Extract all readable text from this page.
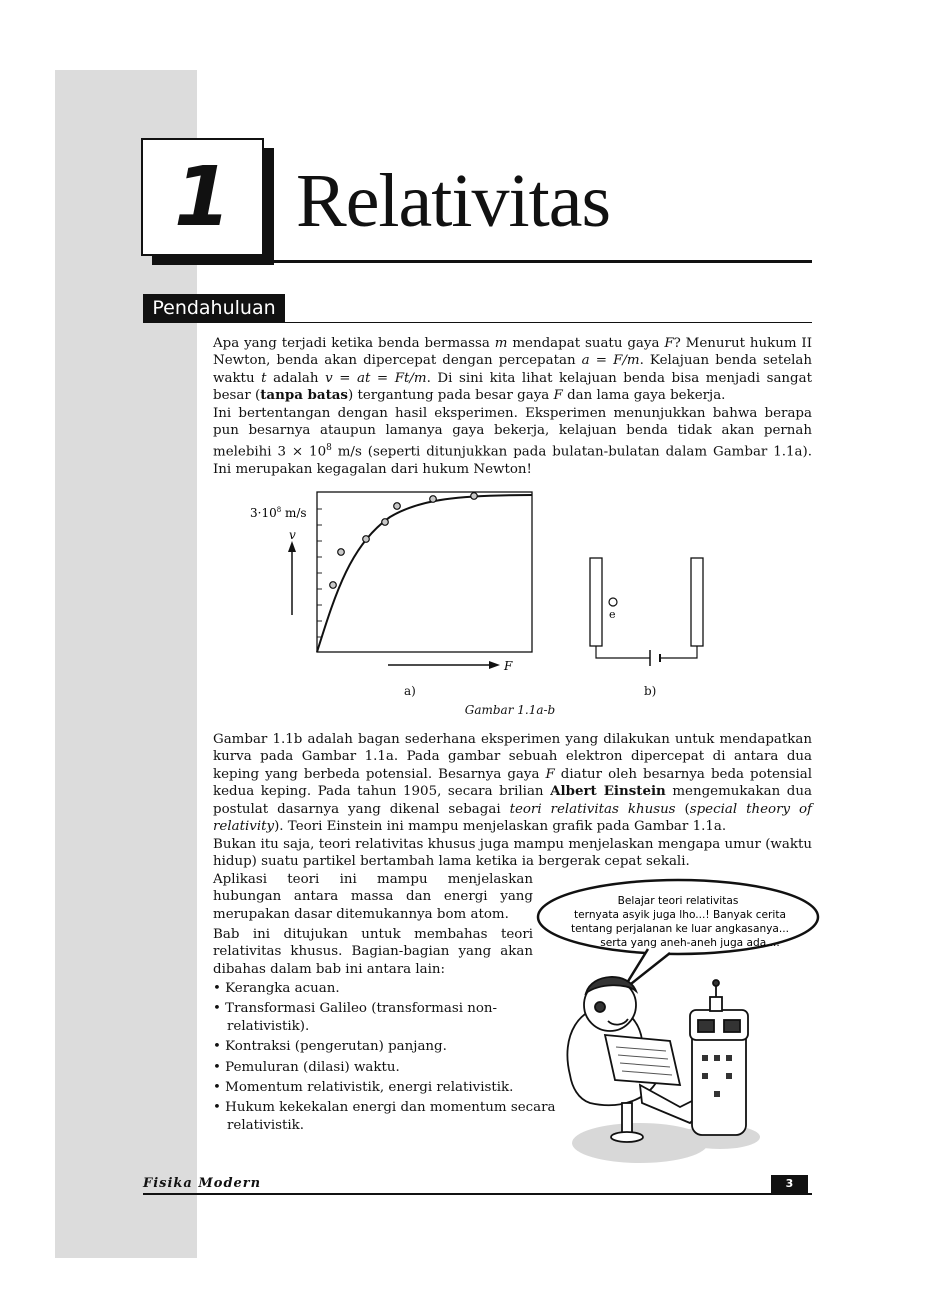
1 Relativitas
Pendahuluan

Apa yang terjadi ketika benda bermassa m mendapat suatu gaya F? Menurut hukum II Newton, benda akan dipercepat dengan percepatan a = F/m. Kelajuan benda setelah waktu t adalah v = at = Ft/m. Di sini kita lihat kelajuan benda bisa menjadi sangat besar (tanpa batas) tergantung pada besar gaya F dan lama gaya bekerja.

Ini bertentangan dengan hasil eksperimen. Eksperimen menunjukkan bahwa berapa pun besarnya ataupun lamanya gaya bekerja, kelajuan benda tidak akan pernah melebihi $3 \times 10^8$ m/s (seperti ditunjukkan pada bulatan-bulatan dalam Gambar 1.1a). Ini merupakan kegagalan dari hukum Newton!

$3\cdot 10^8$ m/s
v
F
e
a)	b)
Gambar 1.1a-b

Gambar 1.1b adalah bagan sederhana eksperimen yang dilakukan untuk mendapatkan kurva pada Gambar 1.1a. Pada gambar sebuah elektron dipercepat di antara dua keping yang berbeda potensial. Besarnya gaya F diatur oleh besarnya beda potensial kedua keping. Pada tahun 1905, secara brilian Albert Einstein mengemukakan dua postulat dasarnya yang dikenal sebagai teori relativitas khusus (special theory of relativity). Teori Einstein ini mampu menjelaskan grafik pada Gambar 1.1a.

Bukan itu saja, teori relativitas khusus juga mampu menjelaskan mengapa umur (waktu hidup) suatu partikel bertambah lama ketika ia bergerak cepat sekali.

Aplikasi teori ini mampu menjelaskan hubungan antara massa dan energi yang merupakan dasar ditemukannya bom atom.

Bab ini ditujukan untuk membahas teori relativitas khusus. Bagian-bagian yang akan dibahas dalam bab ini antara lain:

• Kerangka acuan.
• Transformasi Galileo (transformasi non-relativistik).
• Kontraksi (pengerutan) panjang.
• Pemuluran (dilasi) waktu.
• Momentum relativistik, energi relativistik.
• Hukum kekekalan energi dan momentum secara relativistik.
Belajar teori relativitas
ternyata asyik juga lho...! Banyak cerita
tentang perjalanan ke luar angkasanya...
serta yang aneh-aneh juga ada....
Fisika Modern	3
